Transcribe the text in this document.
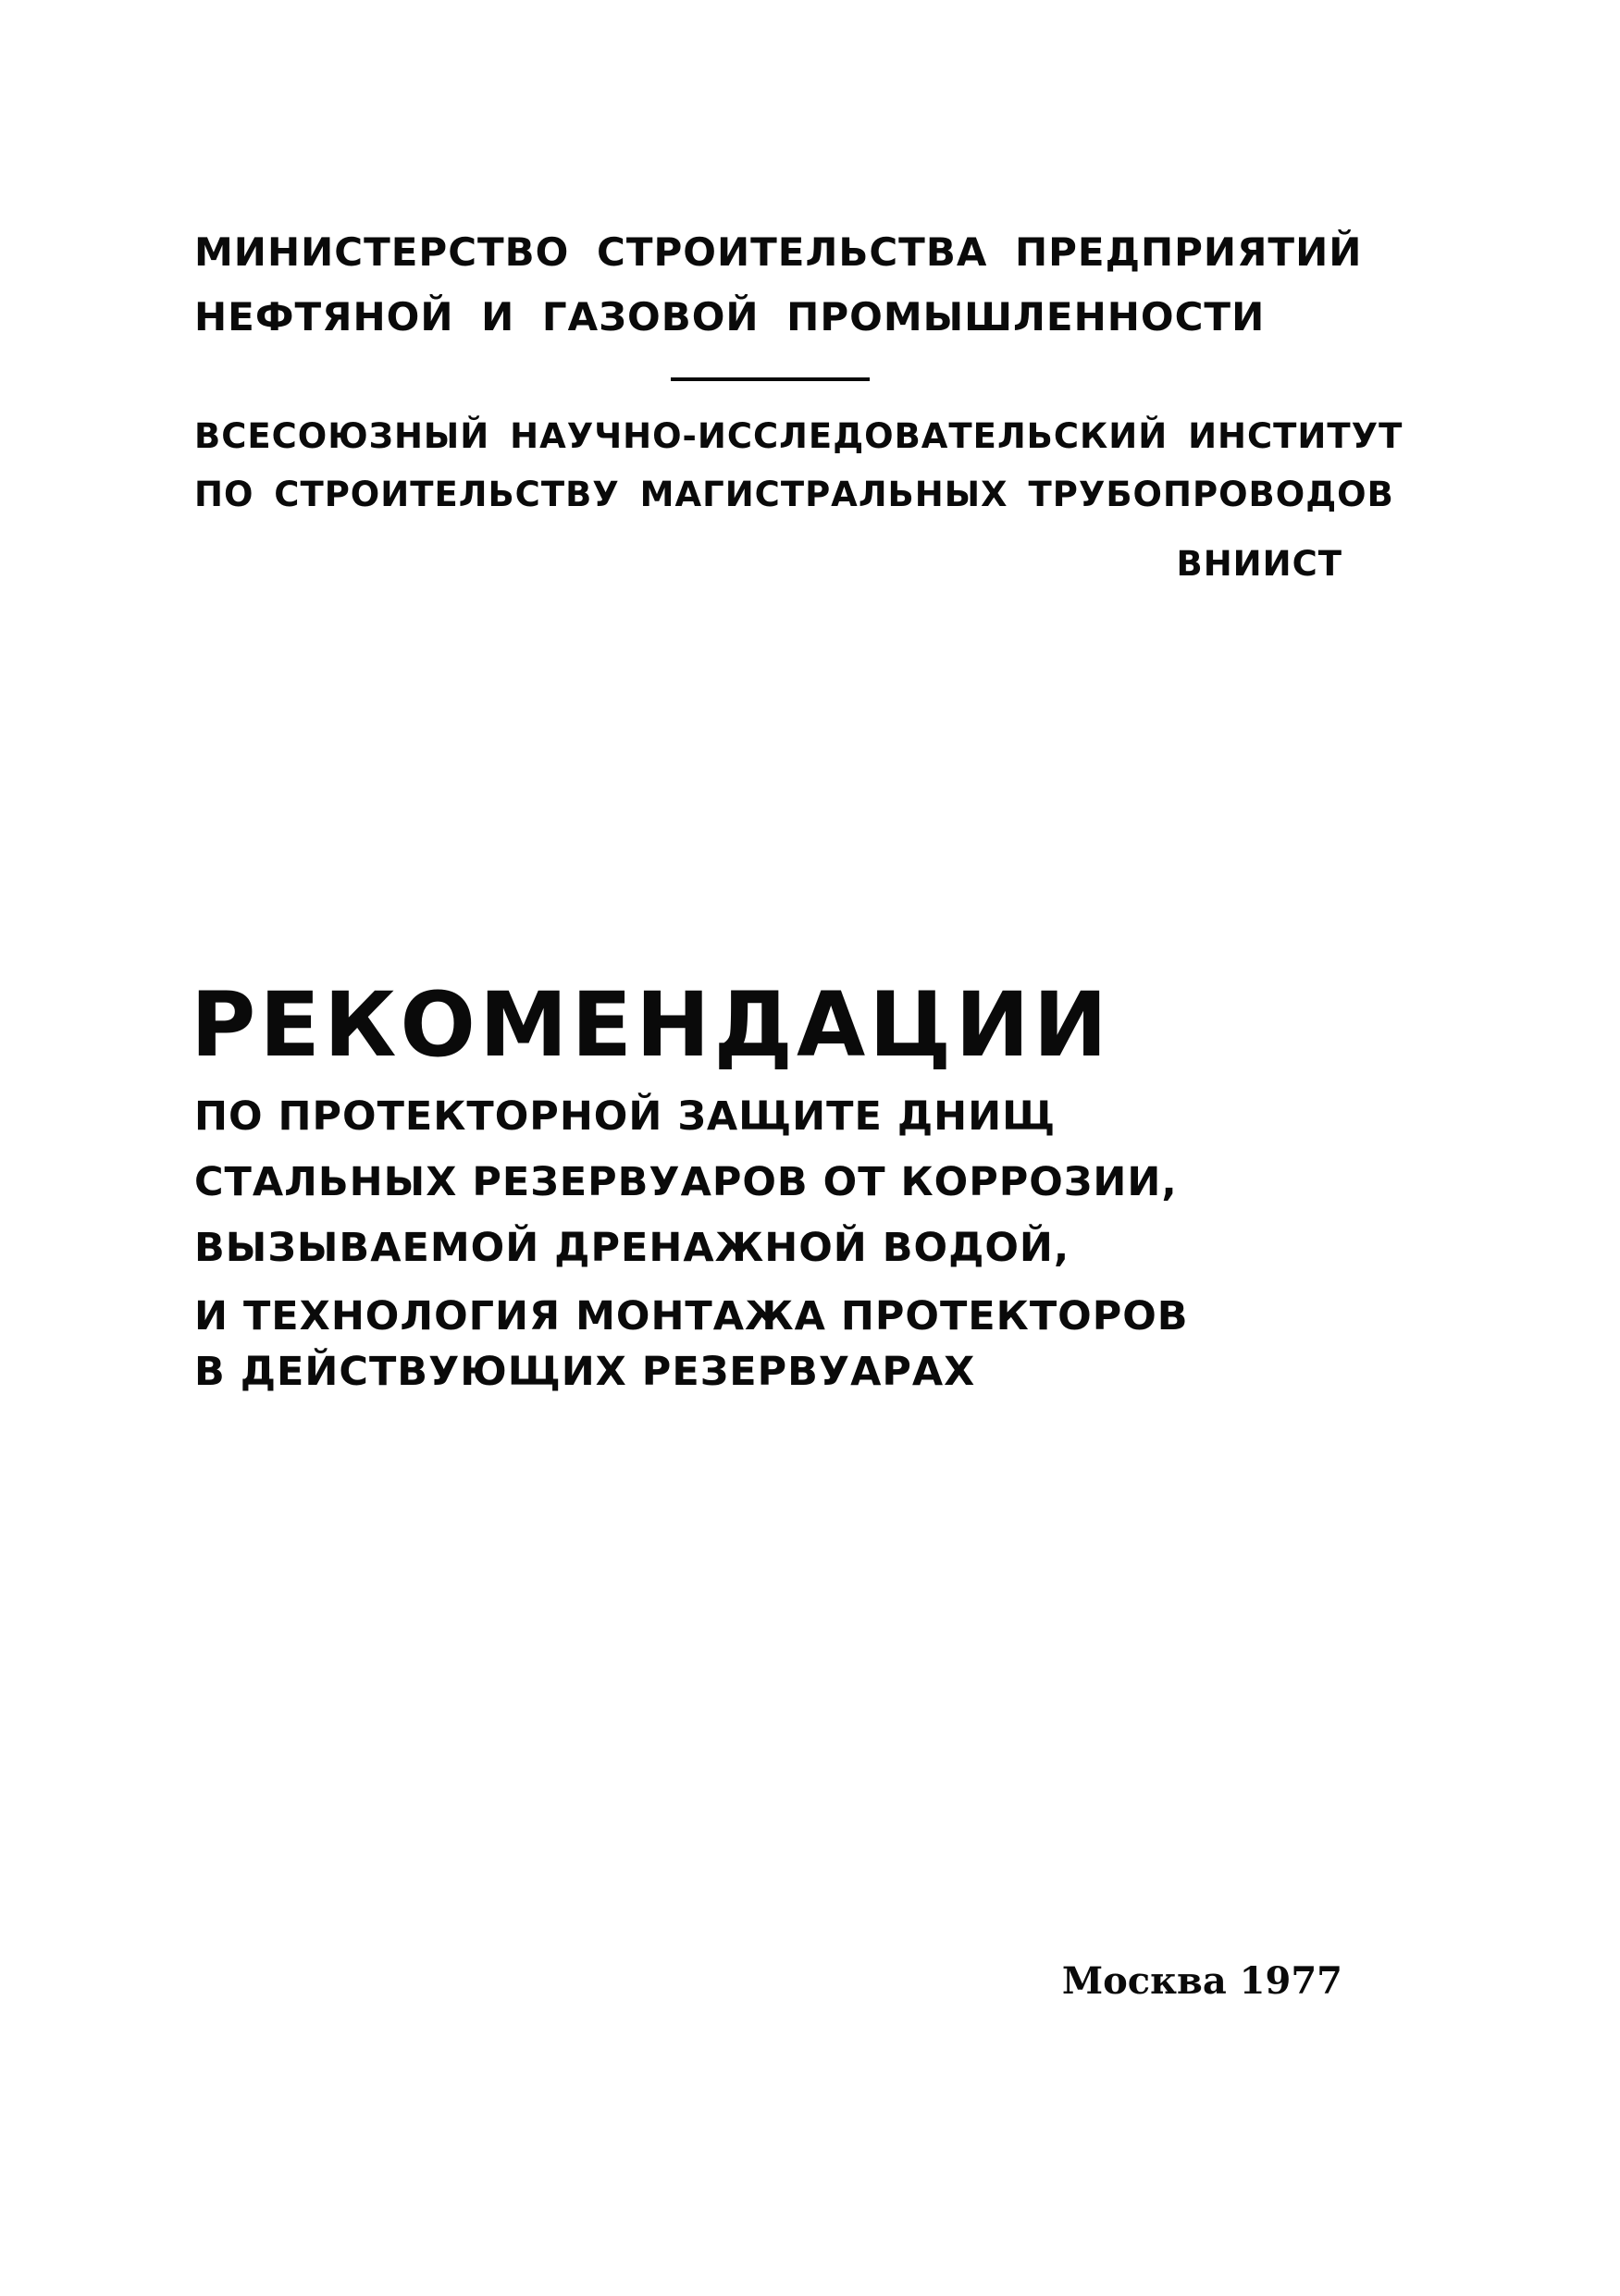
МИНИСТЕРСТВО СТРОИТЕЛЬСТВА ПРЕДПРИЯТИЙ
НЕФТЯНОЙ И ГАЗОВОЙ ПРОМЫШЛЕННОСТИ
ВСЕСОЮЗНЫЙ НАУЧНО-ИССЛЕДОВАТЕЛЬСКИЙ ИНСТИТУТ
ПО СТРОИТЕЛЬСТВУ МАГИСТРАЛЬНЫХ ТРУБОПРОВОДОВ
ВНИИСТ
РЕКОМЕНДАЦИИ
ПО ПРОТЕКТОРНОЙ ЗАЩИТЕ ДНИЩ
СТАЛЬНЫХ РЕЗЕРВУАРОВ ОТ КОРРОЗИИ,
ВЫЗЫВАЕМОЙ ДРЕНАЖНОЙ ВОДОЙ,
И ТЕХНОЛОГИЯ МОНТАЖА ПРОТЕКТОРОВ
В ДЕЙСТВУЮЩИХ РЕЗЕРВУАРАХ
Москва 1977
